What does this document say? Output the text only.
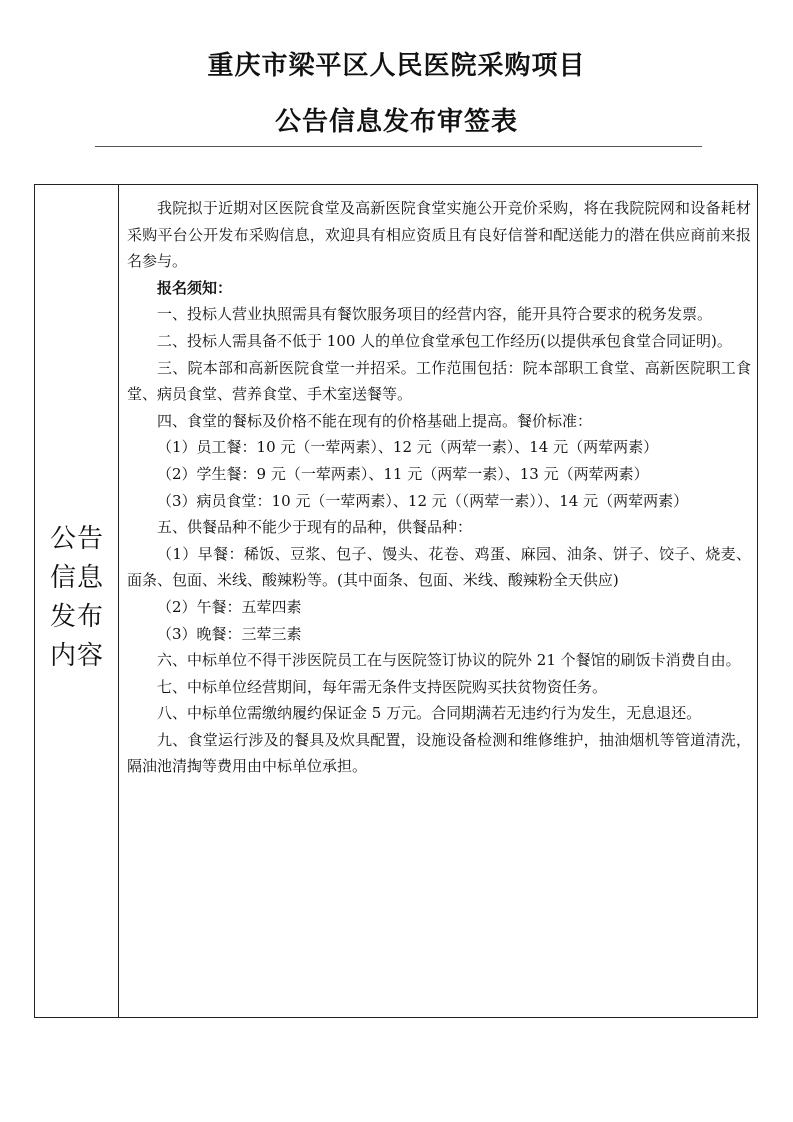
重庆市梁平区人民医院采购项目
公告信息发布审签表
公告
信息
发布
内容

我院拟于近期对区医院食堂及高新医院食堂实施公开竞价采购，将在我院院网和设备耗材采购平台公开发布采购信息，欢迎具有相应资质且有良好信誉和配送能力的潜在供应商前来报名参与。

报名须知：

一、投标人营业执照需具有餐饮服务项目的经营内容，能开具符合要求的税务发票。

二、投标人需具备不低于 100 人的单位食堂承包工作经历(以提供承包食堂合同证明)。

三、院本部和高新医院食堂一并招采。工作范围包括：院本部职工食堂、高新医院职工食堂、病员食堂、营养食堂、手术室送餐等。

四、食堂的餐标及价格不能在现有的价格基础上提高。餐价标准：

（1）员工餐：10 元（一荤两素）、12 元（两荤一素）、14 元（两荤两素）

（2）学生餐：9 元（一荤两素）、11 元（两荤一素）、13 元（两荤两素）

（3）病员食堂：10 元（一荤两素）、12 元（（两荤一素））、14 元（两荤两素）

五、供餐品种不能少于现有的品种，供餐品种：

（1）早餐：稀饭、豆浆、包子、馒头、花卷、鸡蛋、麻园、油条、饼子、饺子、烧麦、面条、包面、米线、酸辣粉等。(其中面条、包面、米线、酸辣粉全天供应)

（2）午餐：五荤四素

（3）晚餐：三荤三素

六、中标单位不得干涉医院员工在与医院签订协议的院外 21 个餐馆的刷饭卡消费自由。

七、中标单位经营期间，每年需无条件支持医院购买扶贫物资任务。

八、中标单位需缴纳履约保证金 5 万元。合同期满若无违约行为发生，无息退还。

九、食堂运行涉及的餐具及炊具配置，设施设备检测和维修维护，抽油烟机等管道清洗，隔油池清掏等费用由中标单位承担。
